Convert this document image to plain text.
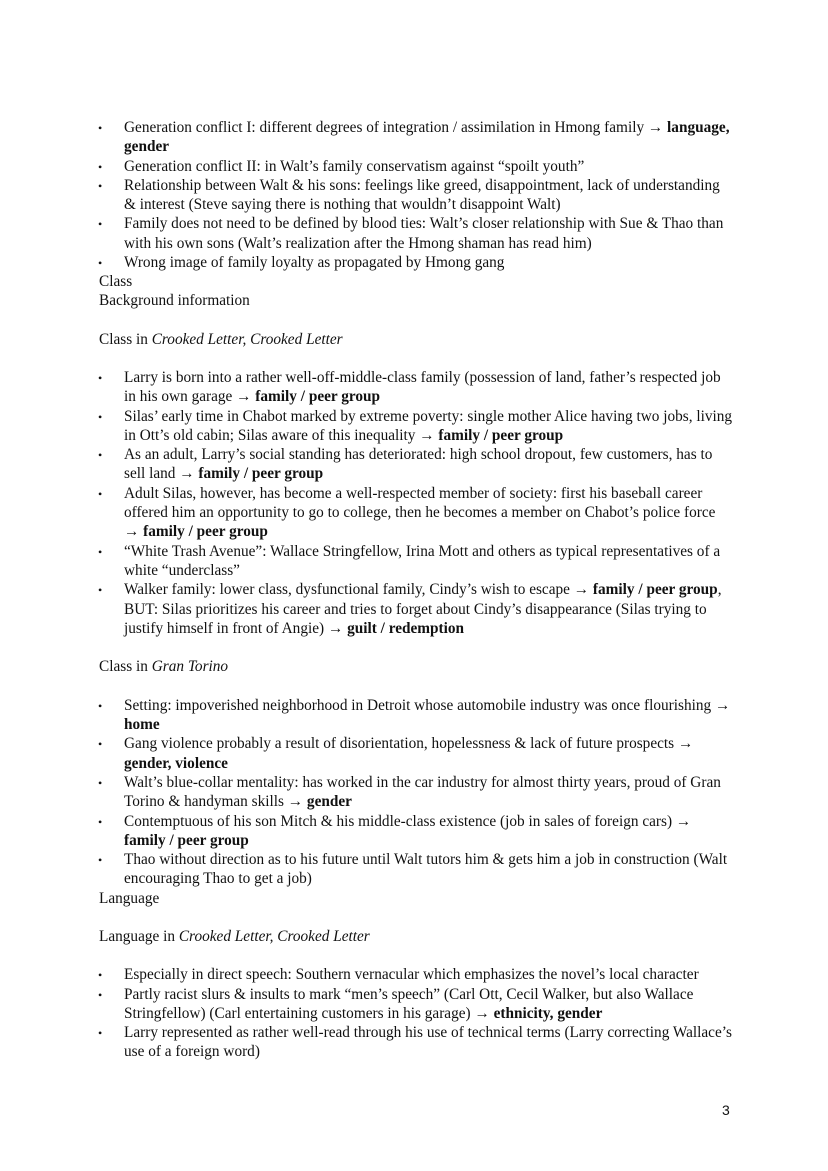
• Generation conflict I: different degrees of integration / assimilation in Hmong family → language, gender
• Generation conflict II: in Walt’s family conservatism against “spoilt youth”
• Relationship between Walt & his sons: feelings like greed, disappointment, lack of understanding & interest (Steve saying there is nothing that wouldn’t disappoint Walt)
• Family does not need to be defined by blood ties: Walt’s closer relationship with Sue & Thao than with his own sons (Walt’s realization after the Hmong shaman has read him)
• Wrong image of family loyalty as propagated by Hmong gang

Class

Background information

Class in Crooked Letter, Crooked Letter

• Larry is born into a rather well-off-middle-class family (possession of land, father’s respected job in his own garage → family / peer group
• Silas’ early time in Chabot marked by extreme poverty: single mother Alice having two jobs, living in Ott’s old cabin; Silas aware of this inequality → family / peer group
• As an adult, Larry’s social standing has deteriorated: high school dropout, few customers, has to sell land → family / peer group
• Adult Silas, however, has become a well-respected member of society: first his baseball career offered him an opportunity to go to college, then he becomes a member on Chabot’s police force → family / peer group
• “White Trash Avenue”: Wallace Stringfellow, Irina Mott and others as typical representatives of a white “underclass”
• Walker family: lower class, dysfunctional family, Cindy’s wish to escape → family / peer group, BUT: Silas prioritizes his career and tries to forget about Cindy’s disappearance (Silas trying to justify himself in front of Angie) → guilt / redemption

Class in Gran Torino

• Setting: impoverished neighborhood in Detroit whose automobile industry was once flourishing → home
• Gang violence probably a result of disorientation, hopelessness & lack of future prospects → gender, violence
• Walt’s blue-collar mentality: has worked in the car industry for almost thirty years, proud of Gran Torino & handyman skills → gender
• Contemptuous of his son Mitch & his middle-class existence (job in sales of foreign cars) → family / peer group
• Thao without direction as to his future until Walt tutors him & gets him a job in construction (Walt encouraging Thao to get a job)

Language

Language in Crooked Letter, Crooked Letter

• Especially in direct speech: Southern vernacular which emphasizes the novel’s local character
• Partly racist slurs & insults to mark “men’s speech” (Carl Ott, Cecil Walker, but also Wallace Stringfellow) (Carl entertaining customers in his garage) → ethnicity, gender
• Larry represented as rather well-read through his use of technical terms (Larry correcting Wallace’s use of a foreign word)
3
